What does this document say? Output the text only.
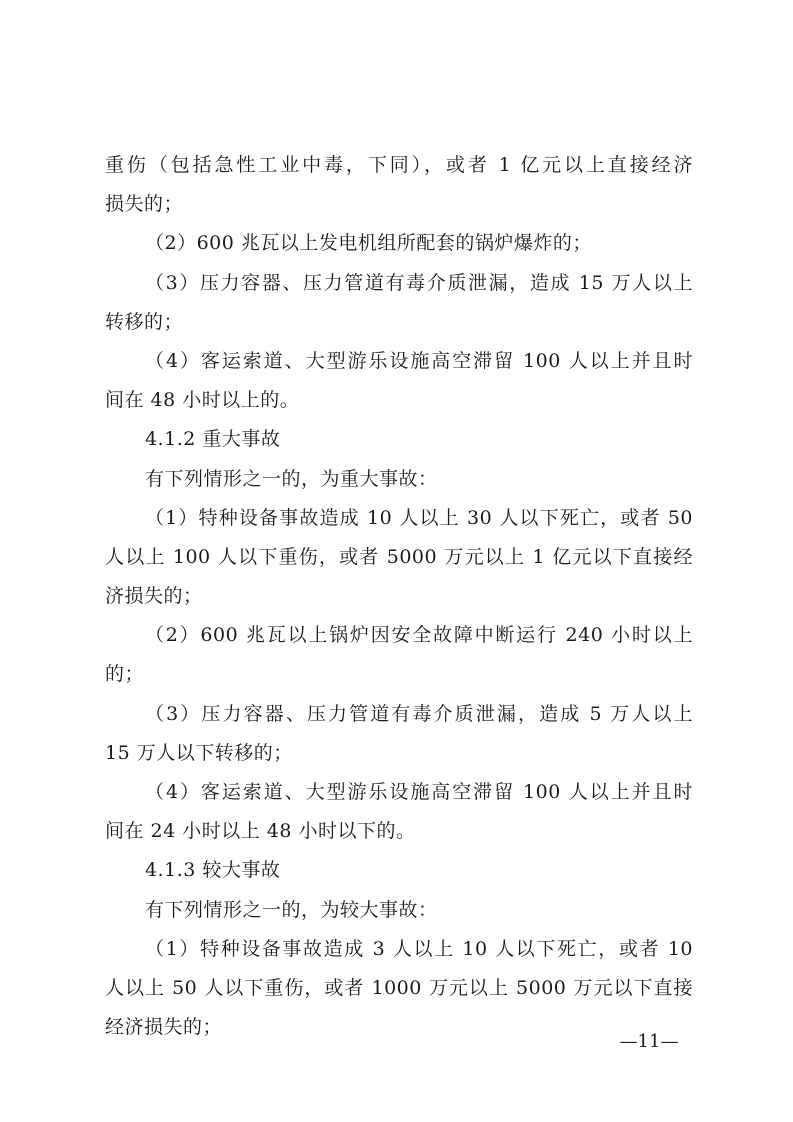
重伤（包括急性工业中毒，下同），或者 1 亿元以上直接经济
损失的；
（2）600 兆瓦以上发电机组所配套的锅炉爆炸的；
（3）压力容器、压力管道有毒介质泄漏，造成 15 万人以上
转移的；
（4）客运索道、大型游乐设施高空滞留 100 人以上并且时
间在 48 小时以上的。
4.1.2 重大事故
有下列情形之一的，为重大事故：
（1）特种设备事故造成 10 人以上 30 人以下死亡，或者 50
人以上 100 人以下重伤，或者 5000 万元以上 1 亿元以下直接经
济损失的；
（2）600 兆瓦以上锅炉因安全故障中断运行 240 小时以上
的；
（3）压力容器、压力管道有毒介质泄漏，造成 5 万人以上
15 万人以下转移的；
（4）客运索道、大型游乐设施高空滞留 100 人以上并且时
间在 24 小时以上 48 小时以下的。
4.1.3 较大事故
有下列情形之一的，为较大事故：
（1）特种设备事故造成 3 人以上 10 人以下死亡，或者 10
人以上 50 人以下重伤，或者 1000 万元以上 5000 万元以下直接
经济损失的；
—11—
